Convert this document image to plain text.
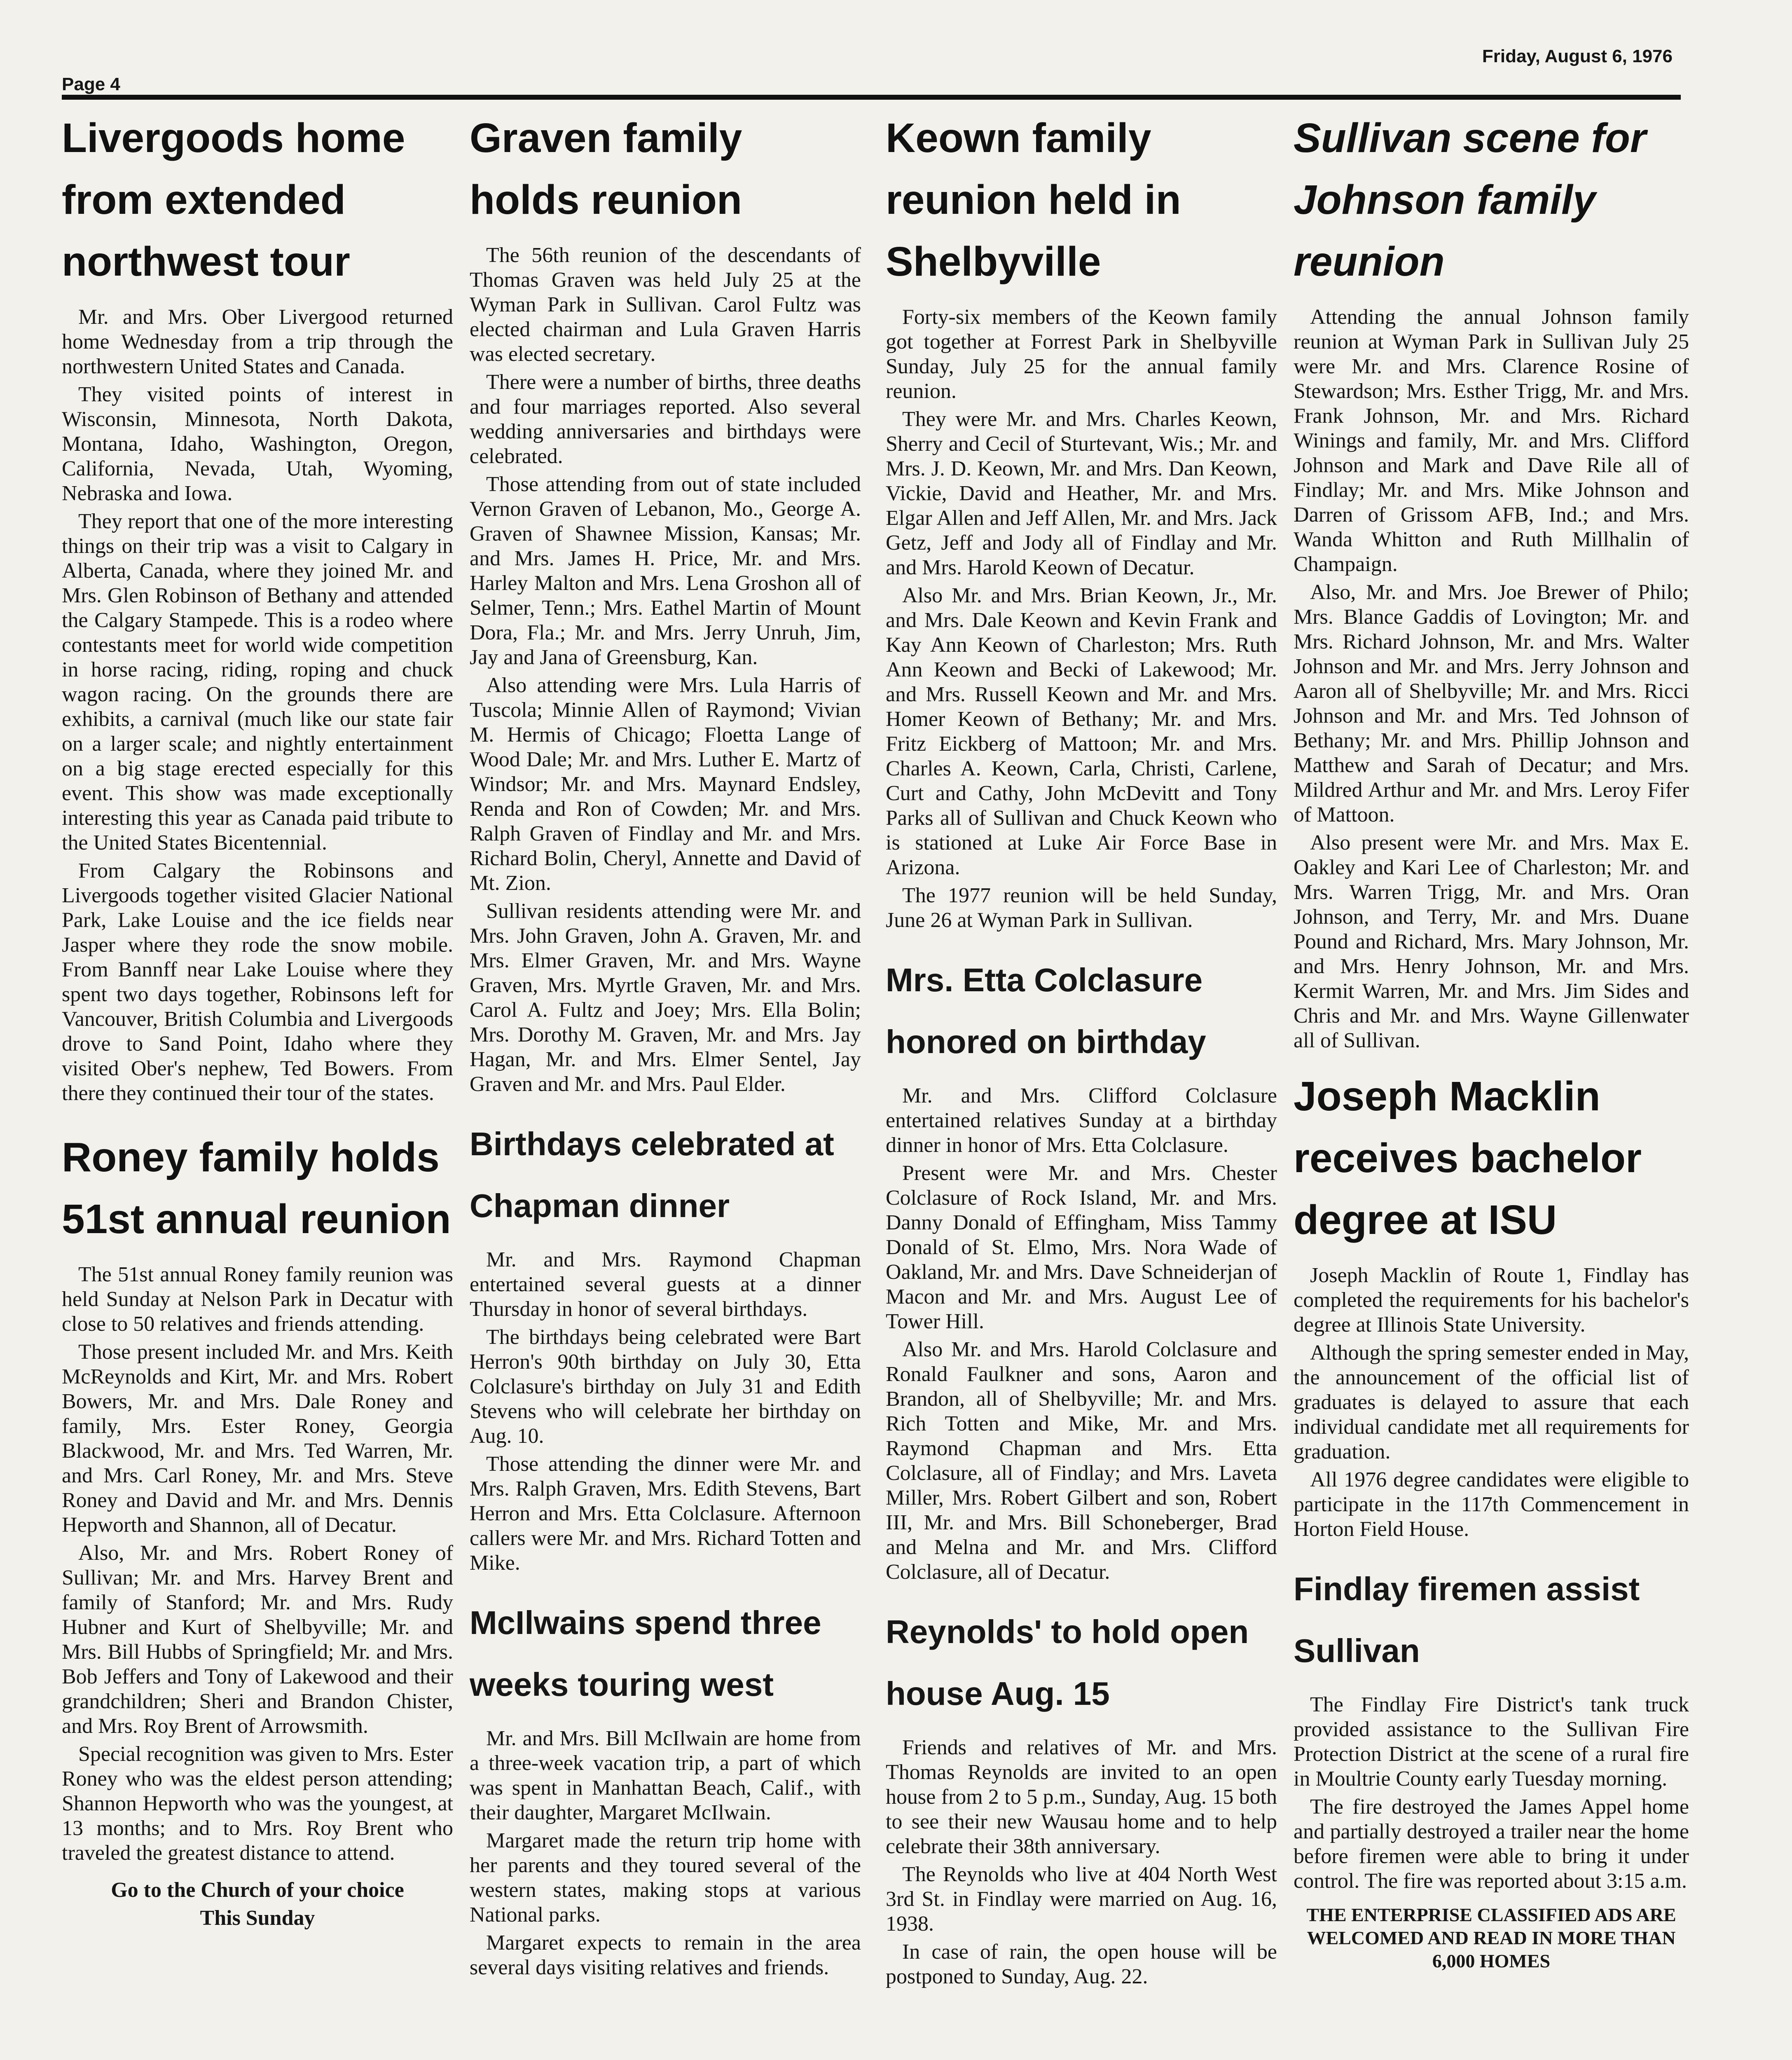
Friday, August 6, 1976
Page 4
Livergoods home from extended northwest tour

Mr. and Mrs. Ober Livergood returned home Wednesday from a trip through the northwestern United States and Canada.

They visited points of interest in Wisconsin, Minnesota, North Dakota, Montana, Idaho, Washington, Oregon, California, Nevada, Utah, Wyoming, Nebraska and Iowa.

They report that one of the more interesting things on their trip was a visit to Calgary in Alberta, Canada, where they joined Mr. and Mrs. Glen Robinson of Bethany and attended the Calgary Stampede. This is a rodeo where contestants meet for world wide competition in horse racing, riding, roping and chuck wagon racing. On the grounds there are exhibits, a carnival (much like our state fair on a larger scale; and nightly entertainment on a big stage erected especially for this event. This show was made exceptionally interesting this year as Canada paid tribute to the United States Bicentennial.

From Calgary the Robinsons and Livergoods together visited Glacier National Park, Lake Louise and the ice fields near Jasper where they rode the snow mobile. From Bannff near Lake Louise where they spent two days together, Robinsons left for Vancouver, British Columbia and Livergoods drove to Sand Point, Idaho where they visited Ober's nephew, Ted Bowers. From there they continued their tour of the states.

Roney family holds 51st annual reunion

The 51st annual Roney family reunion was held Sunday at Nelson Park in Decatur with close to 50 relatives and friends attending.

Those present included Mr. and Mrs. Keith McReynolds and Kirt, Mr. and Mrs. Robert Bowers, Mr. and Mrs. Dale Roney and family, Mrs. Ester Roney, Georgia Blackwood, Mr. and Mrs. Ted Warren, Mr. and Mrs. Carl Roney, Mr. and Mrs. Steve Roney and David and Mr. and Mrs. Dennis Hepworth and Shannon, all of Decatur.

Also, Mr. and Mrs. Robert Roney of Sullivan; Mr. and Mrs. Harvey Brent and family of Stanford; Mr. and Mrs. Rudy Hubner and Kurt of Shelbyville; Mr. and Mrs. Bill Hubbs of Springfield; Mr. and Mrs. Bob Jeffers and Tony of Lakewood and their grandchildren; Sheri and Brandon Chister, and Mrs. Roy Brent of Arrowsmith.

Special recognition was given to Mrs. Ester Roney who was the eldest person attending; Shannon Hepworth who was the youngest, at 13 months; and to Mrs. Roy Brent who traveled the greatest distance to attend.

Go to the Church of your choice

This Sunday

Graven family holds reunion

The 56th reunion of the descendants of Thomas Graven was held July 25 at the Wyman Park in Sullivan. Carol Fultz was elected chairman and Lula Graven Harris was elected secretary.

There were a number of births, three deaths and four marriages reported. Also several wedding anniversaries and birthdays were celebrated.

Those attending from out of state included Vernon Graven of Lebanon, Mo., George A. Graven of Shawnee Mission, Kansas; Mr. and Mrs. James H. Price, Mr. and Mrs. Harley Malton and Mrs. Lena Groshon all of Selmer, Tenn.; Mrs. Eathel Martin of Mount Dora, Fla.; Mr. and Mrs. Jerry Unruh, Jim, Jay and Jana of Greensburg, Kan.

Also attending were Mrs. Lula Harris of Tuscola; Minnie Allen of Raymond; Vivian M. Hermis of Chicago; Floetta Lange of Wood Dale; Mr. and Mrs. Luther E. Martz of Windsor; Mr. and Mrs. Maynard Endsley, Renda and Ron of Cowden; Mr. and Mrs. Ralph Graven of Findlay and Mr. and Mrs. Richard Bolin, Cheryl, Annette and David of Mt. Zion.

Sullivan residents attending were Mr. and Mrs. John Graven, John A. Graven, Mr. and Mrs. Elmer Graven, Mr. and Mrs. Wayne Graven, Mrs. Myrtle Graven, Mr. and Mrs. Carol A. Fultz and Joey; Mrs. Ella Bolin; Mrs. Dorothy M. Graven, Mr. and Mrs. Jay Hagan, Mr. and Mrs. Elmer Sentel, Jay Graven and Mr. and Mrs. Paul Elder.

Birthdays celebrated at Chapman dinner

Mr. and Mrs. Raymond Chapman entertained several guests at a dinner Thursday in honor of several birthdays.

The birthdays being celebrated were Bart Herron's 90th birthday on July 30, Etta Colclasure's birthday on July 31 and Edith Stevens who will celebrate her birthday on Aug. 10.

Those attending the dinner were Mr. and Mrs. Ralph Graven, Mrs. Edith Stevens, Bart Herron and Mrs. Etta Colclasure. Afternoon callers were Mr. and Mrs. Richard Totten and Mike.

McIlwains spend three weeks touring west

Mr. and Mrs. Bill McIlwain are home from a three-week vacation trip, a part of which was spent in Manhattan Beach, Calif., with their daughter, Margaret McIlwain.

Margaret made the return trip home with her parents and they toured several of the western states, making stops at various National parks.

Margaret expects to remain in the area several days visiting relatives and friends.

Keown family reunion held in Shelbyville

Forty-six members of the Keown family got together at Forrest Park in Shelbyville Sunday, July 25 for the annual family reunion.

They were Mr. and Mrs. Charles Keown, Sherry and Cecil of Sturtevant, Wis.; Mr. and Mrs. J. D. Keown, Mr. and Mrs. Dan Keown, Vickie, David and Heather, Mr. and Mrs. Elgar Allen and Jeff Allen, Mr. and Mrs. Jack Getz, Jeff and Jody all of Findlay and Mr. and Mrs. Harold Keown of Decatur.

Also Mr. and Mrs. Brian Keown, Jr., Mr. and Mrs. Dale Keown and Kevin Frank and Kay Ann Keown of Charleston; Mrs. Ruth Ann Keown and Becki of Lakewood; Mr. and Mrs. Russell Keown and Mr. and Mrs. Homer Keown of Bethany; Mr. and Mrs. Fritz Eickberg of Mattoon; Mr. and Mrs. Charles A. Keown, Carla, Christi, Carlene, Curt and Cathy, John McDevitt and Tony Parks all of Sullivan and Chuck Keown who is stationed at Luke Air Force Base in Arizona.

The 1977 reunion will be held Sunday, June 26 at Wyman Park in Sullivan.

Mrs. Etta Colclasure honored on birthday

Mr. and Mrs. Clifford Colclasure entertained relatives Sunday at a birthday dinner in honor of Mrs. Etta Colclasure.

Present were Mr. and Mrs. Chester Colclasure of Rock Island, Mr. and Mrs. Danny Donald of Effingham, Miss Tammy Donald of St. Elmo, Mrs. Nora Wade of Oakland, Mr. and Mrs. Dave Schneiderjan of Macon and Mr. and Mrs. August Lee of Tower Hill.

Also Mr. and Mrs. Harold Colclasure and Ronald Faulkner and sons, Aaron and Brandon, all of Shelbyville; Mr. and Mrs. Rich Totten and Mike, Mr. and Mrs. Raymond Chapman and Mrs. Etta Colclasure, all of Findlay; and Mrs. Laveta Miller, Mrs. Robert Gilbert and son, Robert III, Mr. and Mrs. Bill Schoneberger, Brad and Melna and Mr. and Mrs. Clifford Colclasure, all of Decatur.

Reynolds' to hold open house Aug. 15

Friends and relatives of Mr. and Mrs. Thomas Reynolds are invited to an open house from 2 to 5 p.m., Sunday, Aug. 15 both to see their new Wausau home and to help celebrate their 38th anniversary.

The Reynolds who live at 404 North West 3rd St. in Findlay were married on Aug. 16, 1938.

In case of rain, the open house will be postponed to Sunday, Aug. 22.

Sullivan scene for Johnson family reunion

Attending the annual Johnson family reunion at Wyman Park in Sullivan July 25 were Mr. and Mrs. Clarence Rosine of Stewardson; Mrs. Esther Trigg, Mr. and Mrs. Frank Johnson, Mr. and Mrs. Richard Winings and family, Mr. and Mrs. Clifford Johnson and Mark and Dave Rile all of Findlay; Mr. and Mrs. Mike Johnson and Darren of Grissom AFB, Ind.; and Mrs. Wanda Whitton and Ruth Millhalin of Champaign.

Also, Mr. and Mrs. Joe Brewer of Philo; Mrs. Blance Gaddis of Lovington; Mr. and Mrs. Richard Johnson, Mr. and Mrs. Walter Johnson and Mr. and Mrs. Jerry Johnson and Aaron all of Shelbyville; Mr. and Mrs. Ricci Johnson and Mr. and Mrs. Ted Johnson of Bethany; Mr. and Mrs. Phillip Johnson and Matthew and Sarah of Decatur; and Mrs. Mildred Arthur and Mr. and Mrs. Leroy Fifer of Mattoon.

Also present were Mr. and Mrs. Max E. Oakley and Kari Lee of Charleston; Mr. and Mrs. Warren Trigg, Mr. and Mrs. Oran Johnson, and Terry, Mr. and Mrs. Duane Pound and Richard, Mrs. Mary Johnson, Mr. and Mrs. Henry Johnson, Mr. and Mrs. Kermit Warren, Mr. and Mrs. Jim Sides and Chris and Mr. and Mrs. Wayne Gillenwater all of Sullivan.

Joseph Macklin receives bachelor degree at ISU

Joseph Macklin of Route 1, Findlay has completed the requirements for his bachelor's degree at Illinois State University.

Although the spring semester ended in May, the announcement of the official list of graduates is delayed to assure that each individual candidate met all requirements for graduation.

All 1976 degree candidates were eligible to participate in the 117th Commencement in Horton Field House.

Findlay firemen assist Sullivan

The Findlay Fire District's tank truck provided assistance to the Sullivan Fire Protection District at the scene of a rural fire in Moultrie County early Tuesday morning.

The fire destroyed the James Appel home and partially destroyed a trailer near the home before firemen were able to bring it under control. The fire was reported about 3:15 a.m.

THE ENTERPRISE CLASSIFIED ADS ARE WELCOMED AND READ IN MORE THAN 6,000 HOMES
